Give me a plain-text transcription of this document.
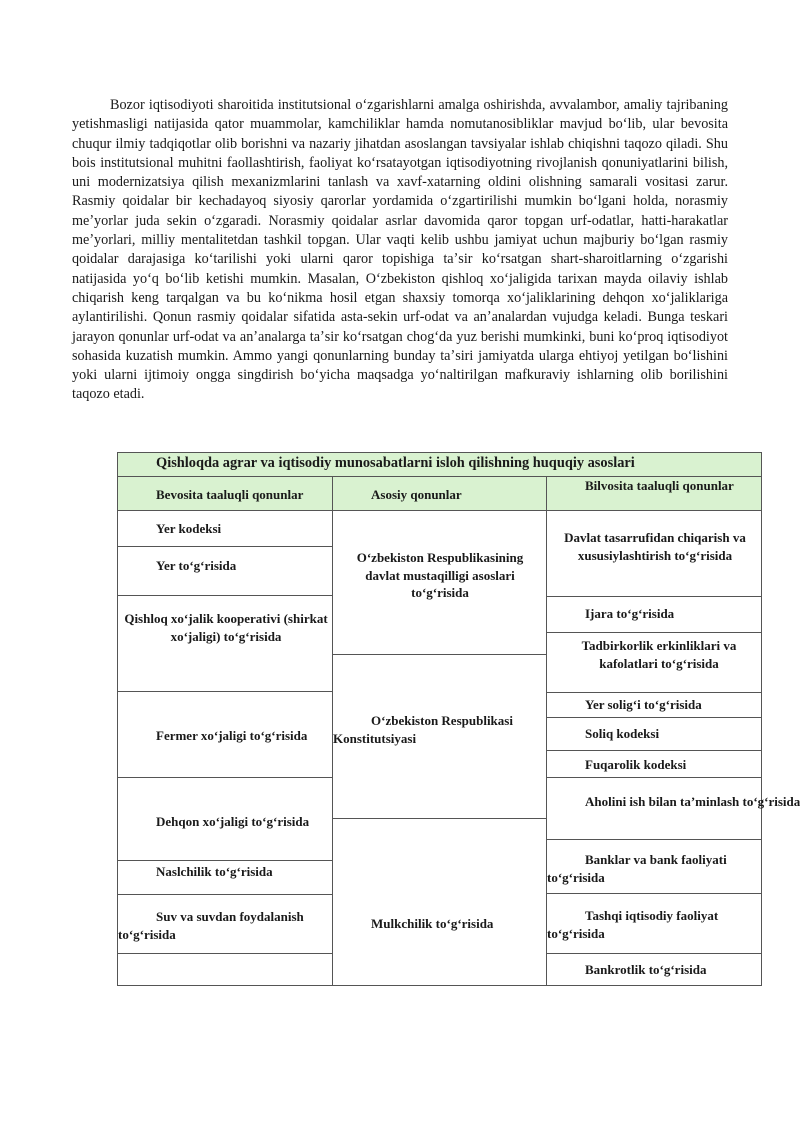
Bozor iqtisodiyoti sharoitida institutsional oʻzgarishlarni amalga oshirishda, avvalambor, amaliy tajribaning yetishmasligi natijasida qator muammolar, kamchiliklar hamda nomutanosibliklar mavjud boʻlib, ular bevosita chuqur ilmiy tadqiqotlar olib borishni va nazariy jihatdan asoslangan tavsiyalar ishlab chiqishni taqozo qiladi. Shu bois institutsional muhitni faollashtirish, faoliyat koʻrsatayotgan iqtisodiyotning rivojlanish qonuniyatlarini bilish, uni modernizatsiya qilish mexanizmlarini tanlash va xavf-xatarning oldini olishning samarali vositasi zarur. Rasmiy qoidalar bir kechadayoq siyosiy qarorlar yordamida oʻzgartirilishi mumkin boʻlgani holda, norasmiy meʼyorlar juda sekin oʻzgaradi. Norasmiy qoidalar asrlar davomida qaror topgan urf-odatlar, hatti-harakatlar meʼyorlari, milliy mentalitetdan tashkil topgan. Ular vaqti kelib ushbu jamiyat uchun majburiy boʻlgan rasmiy qoidalar darajasiga koʻtarilishi yoki ularni qaror topishiga taʼsir koʻrsatgan shart-sharoitlarning oʻzgarishi natijasida yoʻq boʻlib ketishi mumkin. Masalan, Oʻzbekiston qishloq xoʻjaligida tarixan mayda oilaviy ishlab chiqarish keng tarqalgan va bu koʻnikma hosil etgan shaxsiy tomorqa xoʻjaliklarining dehqon xoʻjaliklariga aylantirilishi. Qonun rasmiy qoidalar sifatida asta-sekin urf-odat va anʼanalardan vujudga keladi. Bunga teskari jarayon qonunlar urf-odat va anʼanalarga taʼsir koʻrsatgan chogʻda yuz berishi mumkinki, buni koʻproq iqtisodiyot sohasida kuzatish mumkin. Ammo yangi qonunlarning bunday taʼsiri jamiyatda ularga ehtiyoj yetilgan boʻlishini yoki ularni ijtimoiy ongga singdirish boʻyicha maqsadga yoʻnaltirilgan mafkuraviy ishlarning olib borilishini taqozo etadi.

Qishloqda agrar va iqtisodiy munosabatlarni isloh qilishning huquqiy asoslari
Bevosita taaluqli qonunlar	Asosiy qonunlar
Bilvosita taaluqli qonunlar
Yer kodeksi
Yer toʻgʻrisida
Qishloq xoʻjalik kooperativi (shirkat xoʻjaligi) toʻgʻrisida
Fermer xoʻjaligi toʻgʻrisida
Dehqon xoʻjaligi toʻgʻrisida
Naslchilik toʻgʻrisida
Suv va suvdan foydalanish toʻgʻrisida
Oʻzbekiston Respublikasining davlat mustaqilligi asoslari toʻgʻrisida
Oʻzbekiston Respublikasi Konstitutsiyasi
Mulkchilik toʻgʻrisida
Davlat tasarrufidan chiqarish va xususiylashtirish toʻgʻrisida
Ijara toʻgʻrisida
Tadbirkorlik erkinliklari va kafolatlari toʻgʻrisida
Yer soligʻi toʻgʻrisida
Soliq kodeksi
Fuqarolik kodeksi
Aholini ish bilan taʼminlash toʻgʻrisida
Banklar va bank faoliyati toʻgʻrisida
Tashqi iqtisodiy faoliyat toʻgʻrisida
Bankrotlik toʻgʻrisida
